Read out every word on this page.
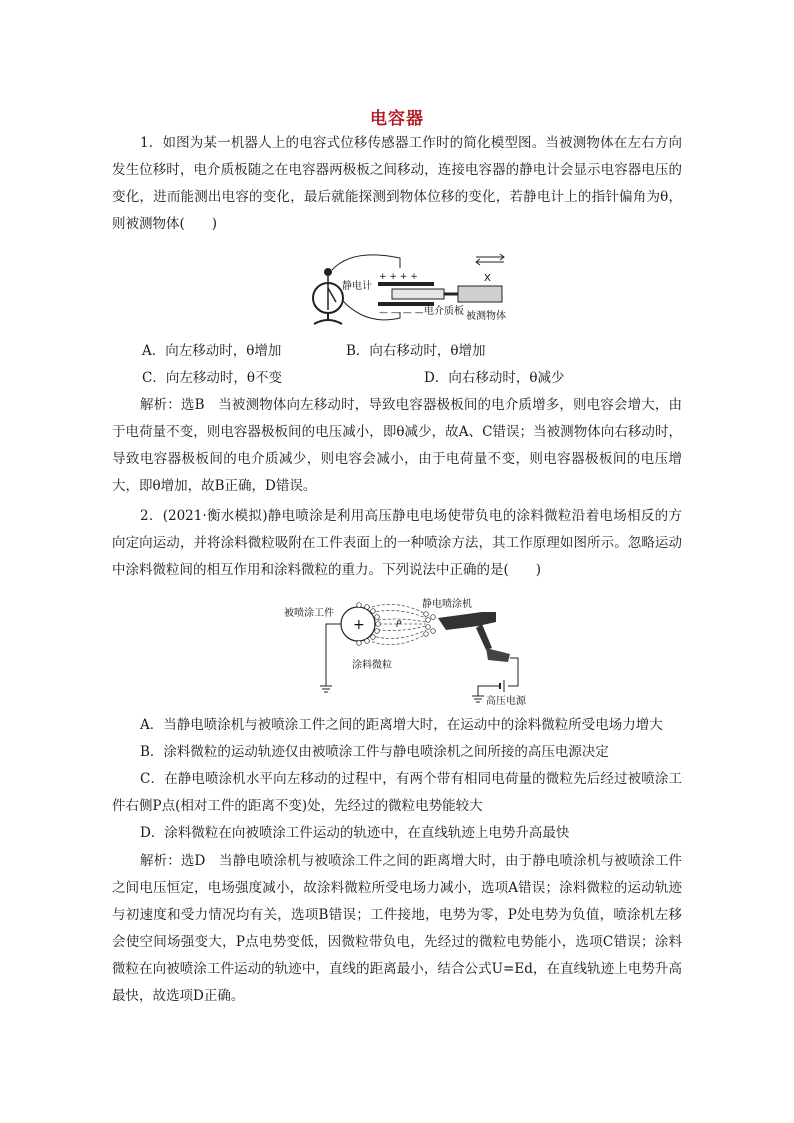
电容器

1．如图为某一机器人上的电容式位移传感器工作时的简化模型图。当被测物体在左右方向发生位移时，电介质板随之在电容器两极板之间移动，连接电容器的静电计会显示电容器电压的变化，进而能测出电容的变化，最后就能探测到物体位移的变化，若静电计上的指针偏角为θ，则被测物体(　　)

静电计
+ + + +
— — — — 电介质板 被测物体
X
A．向左移动时，θ增加	B．向右移动时，θ增加
C．向左移动时，θ不变	D．向右移动时，θ减少

解析：选B　当被测物体向左移动时，导致电容器极板间的电介质增多，则电容会增大，由于电荷量不变，则电容器极板间的电压减小，即θ减少，故A、C错误；当被测物体向右移动时，导致电容器极板间的电介质减少，则电容会减小，由于电荷量不变，则电容器极板间的电压增大，即θ增加，故B正确，D错误。

2．(2021·衡水模拟)静电喷涂是利用高压静电电场使带负电的涂料微粒沿着电场相反的方向定向运动，并将涂料微粒吸附在工件表面上的一种喷涂方法，其工作原理如图所示。忽略运动中涂料微粒间的相互作用和涂料微粒的重力。下列说法中正确的是(　　)

被喷涂工件
+	P
静电喷涂机
涂料微粒
高压电源

A．当静电喷涂机与被喷涂工件之间的距离增大时，在运动中的涂料微粒所受电场力增大

B．涂料微粒的运动轨迹仅由被喷涂工件与静电喷涂机之间所接的高压电源决定

C．在静电喷涂机水平向左移动的过程中，有两个带有相同电荷量的微粒先后经过被喷涂工件右侧P点(相对工件的距离不变)处，先经过的微粒电势能较大

D．涂料微粒在向被喷涂工件运动的轨迹中，在直线轨迹上电势升高最快

解析：选D　当静电喷涂机与被喷涂工件之间的距离增大时，由于静电喷涂机与被喷涂工件之间电压恒定，电场强度减小，故涂料微粒所受电场力减小，选项A错误；涂料微粒的运动轨迹与初速度和受力情况均有关，选项B错误；工件接地，电势为零，P处电势为负值，喷涂机左移会使空间场强变大，P点电势变低，因微粒带负电，先经过的微粒电势能小，选项C错误；涂料微粒在向被喷涂工件运动的轨迹中，直线的距离最小，结合公式U=Ed，在直线轨迹上电势升高最快，故选项D正确。
